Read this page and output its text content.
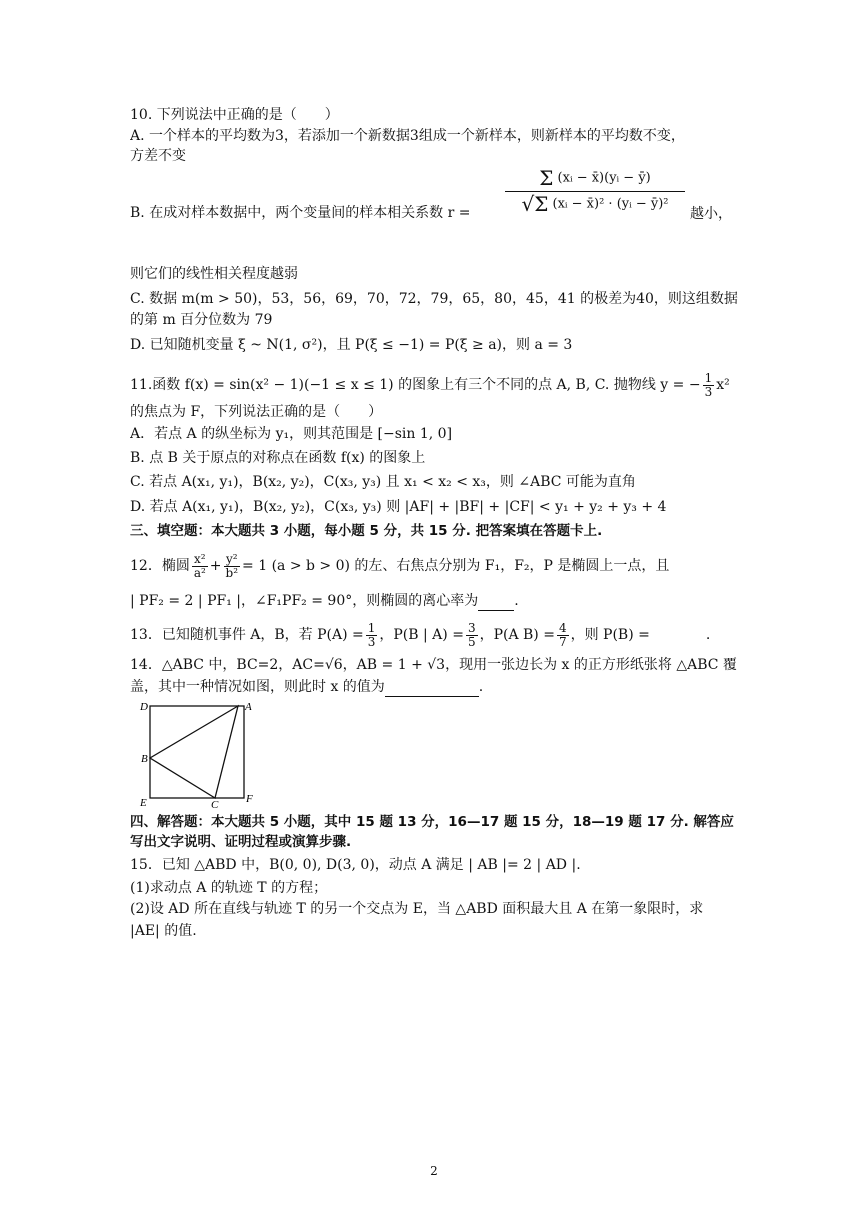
10. 下列说法中正确的是（　　）
A. 一个样本的平均数为3，若添加一个新数据3组成一个新样本，则新样本的平均数不变，
方差不变
B. 在成对样本数据中，两个变量间的样本相关系数 r =
$\frac{\text{Σ (xᵢ − x̄)(yᵢ − ȳ)}}{\text{√Σ (xᵢ − x̄)² · (yᵢ − ȳ)²}}$
越小，
则它们的线性相关程度越弱
C. 数据 m(m > 50)，53，56，69，70，72，79，65，80，45，41 的极差为40，则这组数据
的第 m 百分位数为 79
D. 已知随机变量 ξ ~ N(1, σ²)，且 P(ξ ≤ −1) = P(ξ ≥ a)，则 a = 3
11.函数 f(x) = sin(x² − 1)(−1 ≤ x ≤ 1) 的图象上有三个不同的点 A, B, C. 抛物线 y = − $\frac{1}{3} x^2$
的焦点为 F，下列说法正确的是（　　）
A．若点 A 的纵坐标为 y₁，则其范围是 [−sin 1, 0]
B. 点 B 关于原点的对称点在函数 f(x) 的图象上
C. 若点 A(x₁, y₁)，B(x₂, y₂)，C(x₃, y₃) 且 x₁ < x₂ < x₃，则 ∠ABC 可能为直角
D. 若点 A(x₁, y₁)，B(x₂, y₂)，C(x₃, y₃) 则 |AF| + |BF| + |CF| < y₁ + y₂ + y₃ + 4
三、填空题：本大题共 3 小题，每小题 5 分，共 15 分. 把答案填在答题卡上.
12．椭圆 $\frac{\text{x²}}{\text{a²}} + \frac{\text{y²}}{\text{b²}} = 1$ (a > b > 0) 的左、右焦点分别为 F₁，F₂，P 是椭圆上一点，且
| PF₂ = 2 | PF₁ |，∠F₁PF₂ = 90°，则椭圆的离心率为	.
13．已知随机事件 A，B，若 $P(A) = \frac{1}{3}$ ，P(B | $A) = \frac{3}{5}$ ，P(A $B) = \frac{4}{7}$ ，则 P(B) =	.
14．△ABC 中，BC=2，AC=√6，AB = 1 + √3，现用一张边长为 x 的正方形纸张将 △ABC 覆
盖，其中一种情况如图，则此时 x 的值为	.
D	A
B
E	C	F
四、解答题：本大题共 5 小题，其中 15 题 13 分，16—17 题 15 分，18—19 题 17 分. 解答应
写出文字说明、证明过程或演算步骤.
15．已知 △ABD 中，B(0, 0), D(3, 0)，动点 A 满足 | AB |= 2 | AD |.
(1)求动点 A 的轨迹 T 的方程；
(2)设 AD 所在直线与轨迹 T 的另一个交点为 E，当 △ABD 面积最大且 A 在第一象限时，求
|AE| 的值.
2
